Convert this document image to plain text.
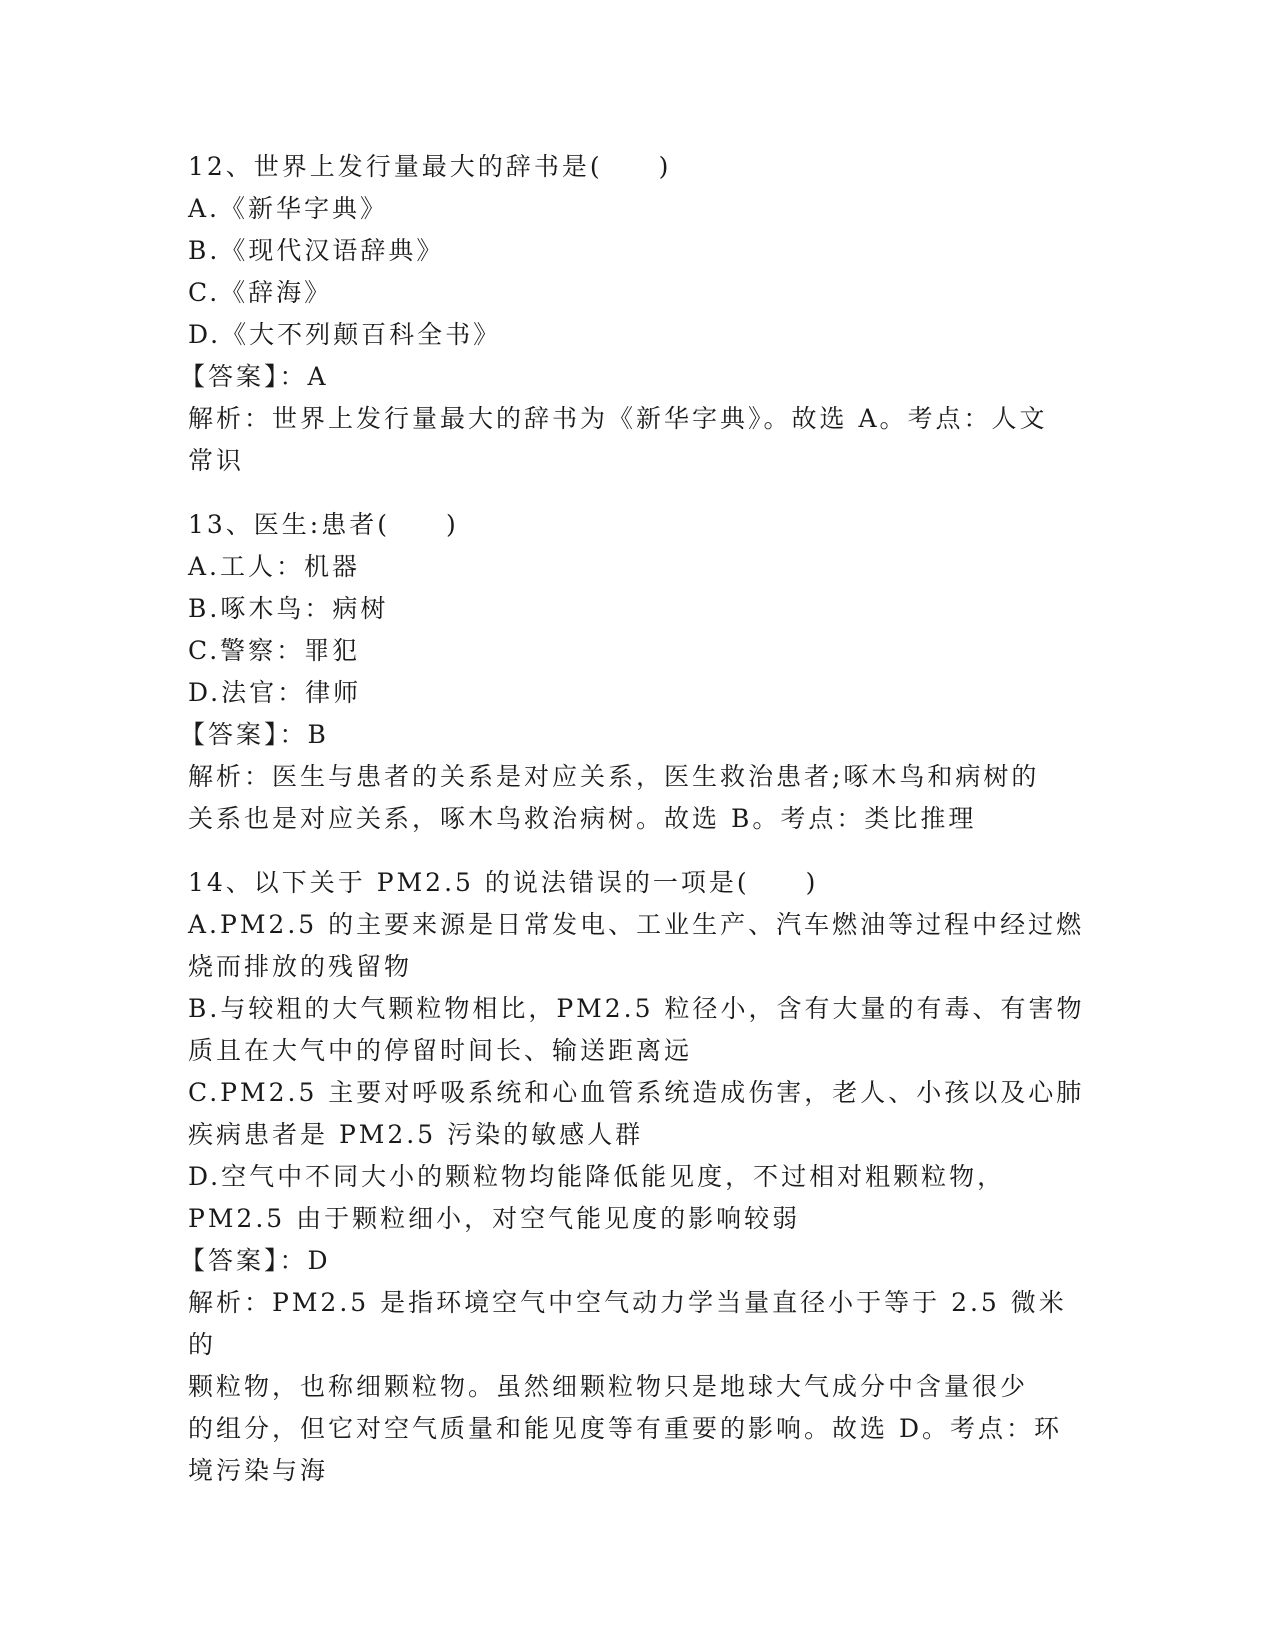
12、世界上发行量最大的辞书是(　　)
A.《新华字典》
B.《现代汉语辞典》
C.《辞海》
D.《大不列颠百科全书》
【答案】：A
解析：世界上发行量最大的辞书为《新华字典》。故选 A。考点：人文
常识
13、医生:患者(　　)
A.工人：机器
B.啄木鸟：病树
C.警察：罪犯
D.法官：律师
【答案】：B
解析：医生与患者的关系是对应关系，医生救治患者;啄木鸟和病树的
关系也是对应关系，啄木鸟救治病树。故选 B。考点：类比推理
14、以下关于 PM2.5 的说法错误的一项是(　　)
A.PM2.5 的主要来源是日常发电、工业生产、汽车燃油等过程中经过燃
烧而排放的残留物
B.与较粗的大气颗粒物相比，PM2.5 粒径小，含有大量的有毒、有害物
质且在大气中的停留时间长、输送距离远
C.PM2.5 主要对呼吸系统和心血管系统造成伤害，老人、小孩以及心肺
疾病患者是 PM2.5 污染的敏感人群
D.空气中不同大小的颗粒物均能降低能见度，不过相对粗颗粒物，
PM2.5 由于颗粒细小，对空气能见度的影响较弱
【答案】：D
解析：PM2.5 是指环境空气中空气动力学当量直径小于等于 2.5 微米的
颗粒物，也称细颗粒物。虽然细颗粒物只是地球大气成分中含量很少
的组分，但它对空气质量和能见度等有重要的影响。故选 D。考点：环
境污染与海
